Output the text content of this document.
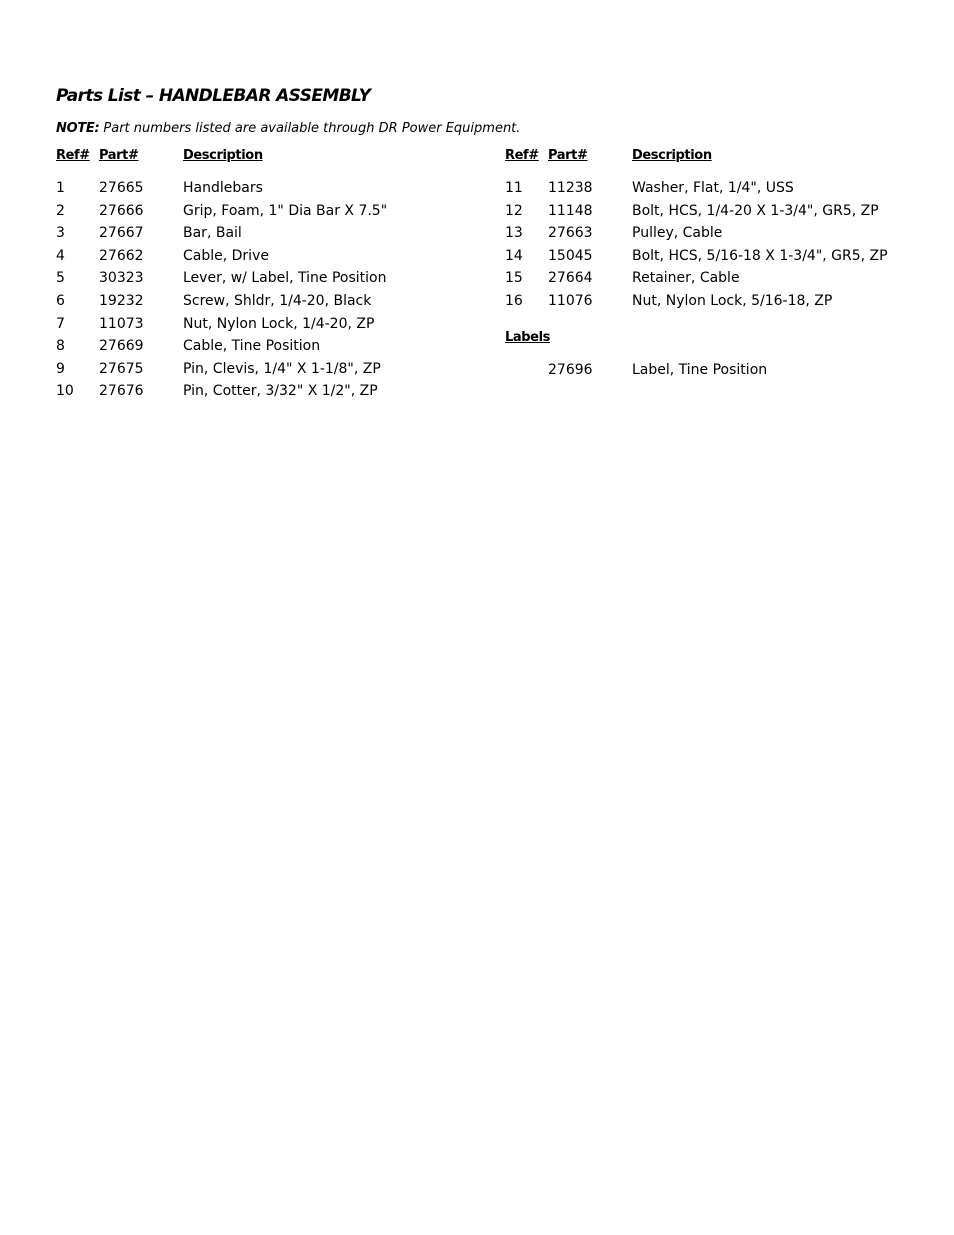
Parts List – HANDLEBAR ASSEMBLY
NOTE: Part numbers listed are available through DR Power Equipment.
Ref# Part#	Description
1 27665	Handlebars
2 27666	Grip, Foam, 1" Dia Bar X 7.5"
3 27667	Bar, Bail
4 27662	Cable, Drive
5 30323	Lever, w/ Label, Tine Position
6 19232	Screw, Shldr, 1/4-20, Black
7 11073	Nut, Nylon Lock, 1/4-20, ZP
8 27669	Cable, Tine Position
9 27675	Pin, Clevis, 1/4" X 1-1/8", ZP
10 27676	Pin, Cotter, 3/32" X 1/2", ZP
Ref# Part#	Description
11 11238	Washer, Flat, 1/4", USS
12 11148	Bolt, HCS, 1/4-20 X 1-3/4", GR5, ZP
13 27663	Pulley, Cable
14 15045	Bolt, HCS, 5/16-18 X 1-3/4", GR5, ZP
15 27664	Retainer, Cable
16 11076	Nut, Nylon Lock, 5/16-18, ZP
Labels
27696	Label, Tine Position
